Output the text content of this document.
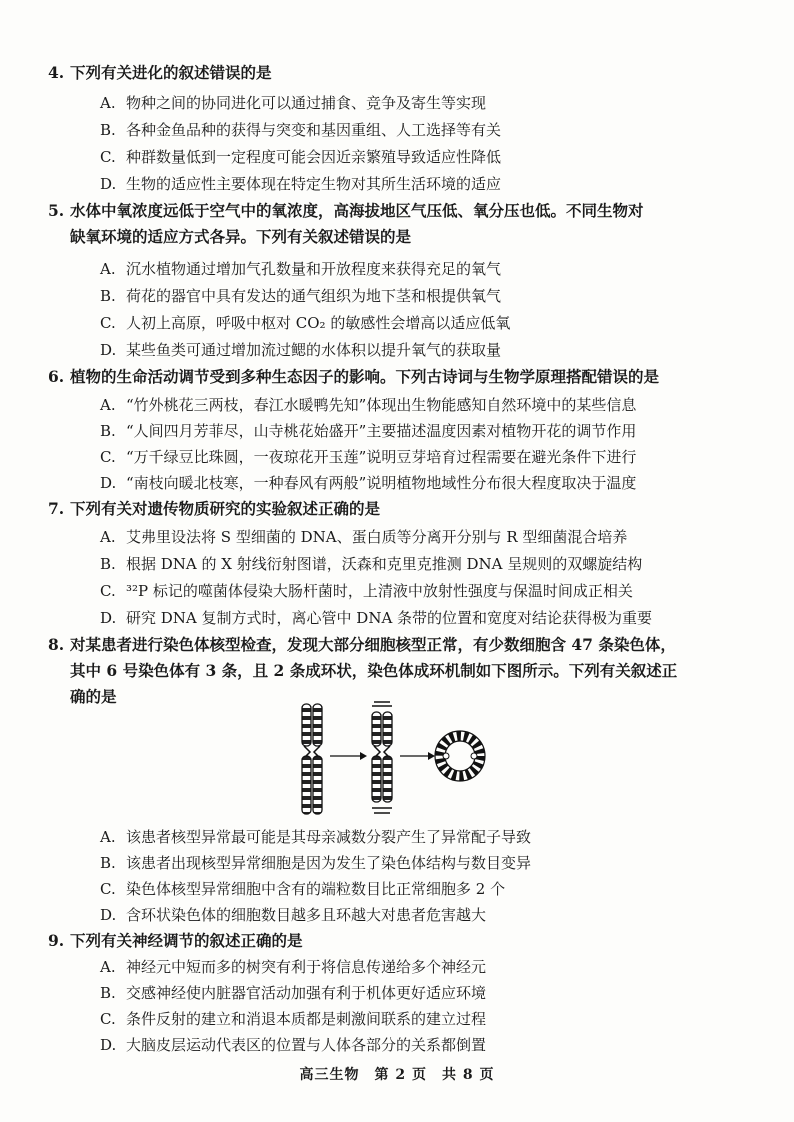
4. 下列有关进化的叙述错误的是
A. 物种之间的协同进化可以通过捕食、竞争及寄生等实现
B. 各种金鱼品种的获得与突变和基因重组、人工选择等有关
C. 种群数量低到一定程度可能会因近亲繁殖导致适应性降低
D. 生物的适应性主要体现在特定生物对其所生活环境的适应
5. 水体中氧浓度远低于空气中的氧浓度，高海拔地区气压低、氧分压也低。不同生物对
缺氧环境的适应方式各异。下列有关叙述错误的是
A. 沉水植物通过增加气孔数量和开放程度来获得充足的氧气
B. 荷花的器官中具有发达的通气组织为地下茎和根提供氧气
C. 人初上高原，呼吸中枢对 CO₂ 的敏感性会增高以适应低氧
D. 某些鱼类可通过增加流过鳃的水体积以提升氧气的获取量
6. 植物的生命活动调节受到多种生态因子的影响。下列古诗词与生物学原理搭配错误的是
A. “竹外桃花三两枝，春江水暖鸭先知”体现出生物能感知自然环境中的某些信息
B. “人间四月芳菲尽，山寺桃花始盛开”主要描述温度因素对植物开花的调节作用
C. “万千绿豆比珠圆，一夜琼花开玉莲”说明豆芽培育过程需要在避光条件下进行
D. “南枝向暖北枝寒，一种春风有两般”说明植物地域性分布很大程度取决于温度
7. 下列有关对遗传物质研究的实验叙述正确的是
A. 艾弗里设法将 S 型细菌的 DNA、蛋白质等分离开分别与 R 型细菌混合培养
B. 根据 DNA 的 X 射线衍射图谱，沃森和克里克推测 DNA 呈规则的双螺旋结构
C. ³²P 标记的噬菌体侵染大肠杆菌时，上清液中放射性强度与保温时间成正相关
D. 研究 DNA 复制方式时，离心管中 DNA 条带的位置和宽度对结论获得极为重要
8. 对某患者进行染色体核型检查，发现大部分细胞核型正常，有少数细胞含 47 条染色体，
其中 6 号染色体有 3 条，且 2 条成环状，染色体成环机制如下图所示。下列有关叙述正
确的是
A. 该患者核型异常最可能是其母亲减数分裂产生了异常配子导致
B. 该患者出现核型异常细胞是因为发生了染色体结构与数目变异
C. 染色体核型异常细胞中含有的端粒数目比正常细胞多 2 个
D. 含环状染色体的细胞数目越多且环越大对患者危害越大
9. 下列有关神经调节的叙述正确的是
A. 神经元中短而多的树突有利于将信息传递给多个神经元
B. 交感神经使内脏器官活动加强有利于机体更好适应环境
C. 条件反射的建立和消退本质都是刺激间联系的建立过程
D. 大脑皮层运动代表区的位置与人体各部分的关系都倒置
高三生物　第 2 页　共 8 页
